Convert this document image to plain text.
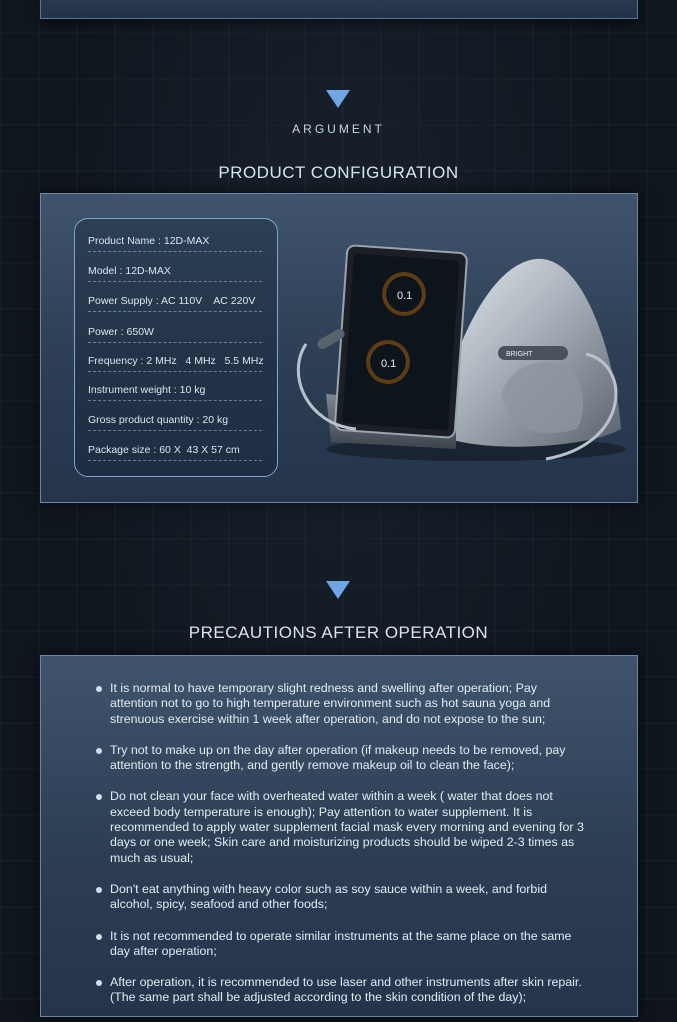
ARGUMENT
PRODUCT CONFIGURATION
Product Name : 12D-MAX
Model : 12D-MAX
Power Supply : AC 110V    AC 220V
Power : 650W
Frequency : 2 MHz   4 MHz   5.5 MHz
Instrument weight : 10 kg
Gross product quantity : 20 kg
Package size : 60 X  43 X 57 cm
0.1
0.1
BRIGHT
PRECAUTIONS AFTER OPERATION
It is normal to have temporary slight redness and swelling after operation; Pay attention not to go to high temperature environment such as hot sauna yoga and strenuous exercise within 1 week after operation, and do not expose to the sun;
Try not to make up on the day after operation (if makeup needs to be removed, pay attention to the strength, and gently remove makeup oil to clean the face);
Do not clean your face with overheated water within a week ( water that does not exceed body temperature is enough); Pay attention to water supplement. It is recommended to apply water supplement facial mask every morning and evening for 3 days or one week; Skin care and moisturizing products should be wiped 2-3 times as much as usual;
Don't eat anything with heavy color such as soy sauce within a week, and forbid alcohol, spicy, seafood and other foods;
It is not recommended to operate similar instruments at the same place on the same day after operation;
After operation, it is recommended to use laser and other instruments after skin repair. (The same part shall be adjusted according to the skin condition of the day);
